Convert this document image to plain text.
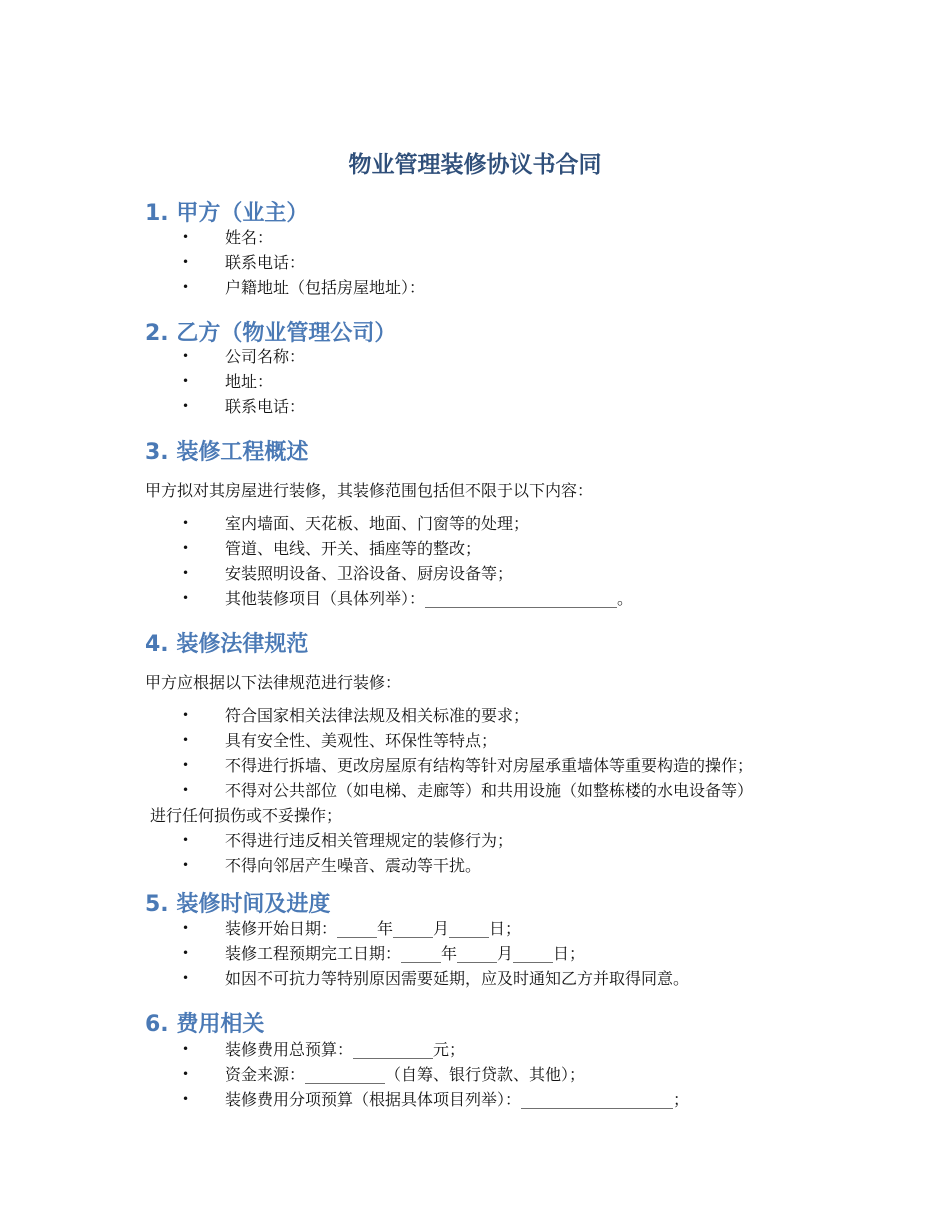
物业管理装修协议书合同
1. 甲方（业主）
• 姓名：
• 联系电话：
• 户籍地址（包括房屋地址）：
2. 乙方（物业管理公司）
• 公司名称：
• 地址：
• 联系电话：
3. 装修工程概述

甲方拟对其房屋进行装修，其装修范围包括但不限于以下内容：

• 室内墙面、天花板、地面、门窗等的处理；
• 管道、电线、开关、插座等的整改；
• 安装照明设备、卫浴设备、厨房设备等；
• 其他装修项目（具体列举）：________________________。
4. 装修法律规范

甲方应根据以下法律规范进行装修：

• 符合国家相关法律法规及相关标准的要求；
• 具有安全性、美观性、环保性等特点；
• 不得进行拆墙、更改房屋原有结构等针对房屋承重墙体等重要构造的操作；
• 不得对公共部位（如电梯、走廊等）和共用设施（如整栋楼的水电设备等）
进行任何损伤或不妥操作；
• 不得进行违反相关管理规定的装修行为；
• 不得向邻居产生噪音、震动等干扰。
5. 装修时间及进度
• 装修开始日期：_____年_____月_____日；
• 装修工程预期完工日期：_____年_____月_____日；
• 如因不可抗力等特别原因需要延期，应及时通知乙方并取得同意。
6. 费用相关
• 装修费用总预算：__________元；
• 资金来源：__________（自筹、银行贷款、其他）；
• 装修费用分项预算（根据具体项目列举）：___________________；
